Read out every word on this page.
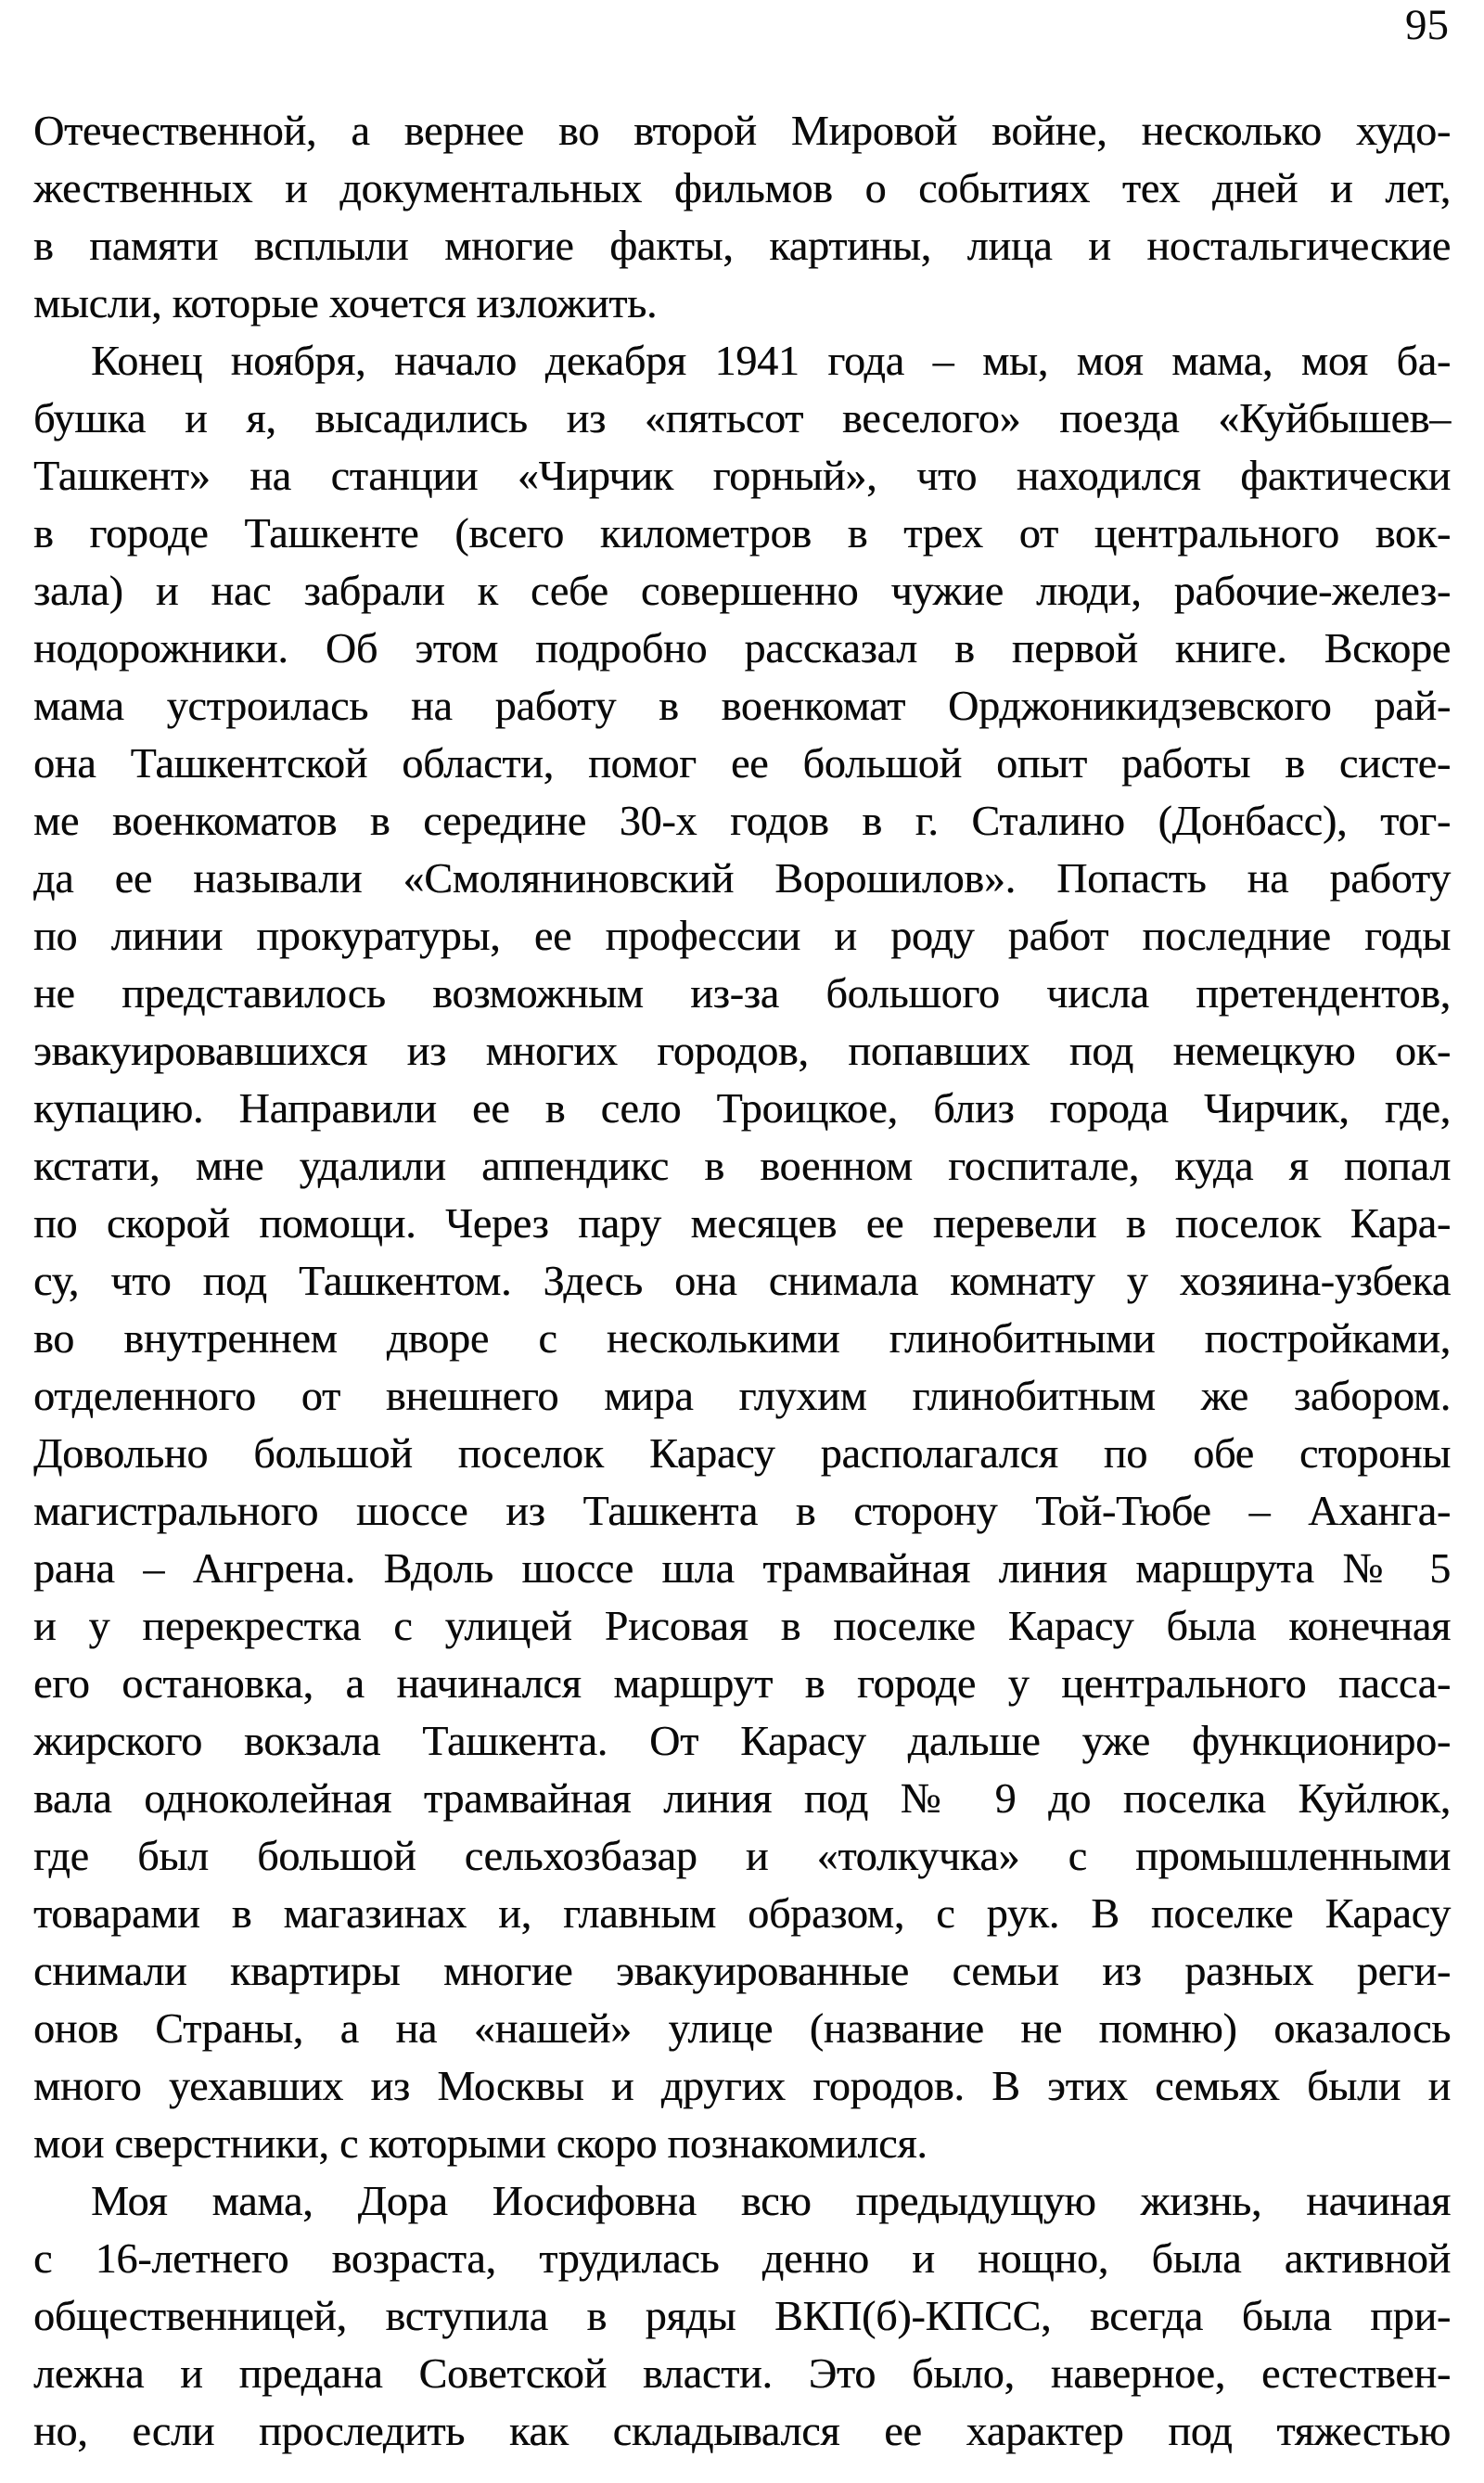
95
Отечественной, а вернее во второй Мировой войне, несколько худо-
жественных и документальных фильмов о событиях тех дней и лет,
в памяти всплыли многие факты, картины, лица и ностальгические
мысли, которые хочется изложить.
Конец ноября, начало декабря 1941 года – мы, моя мама, моя ба-
бушка и я, высадились из «пятьсот веселого» поезда «Куйбышев–
Ташкент» на станции «Чирчик горный», что находился фактически
в городе Ташкенте (всего километров в трех от центрального вок-
зала) и нас забрали к себе совершенно чужие люди, рабочие-желез-
нодорожники. Об этом подробно рассказал в первой книге. Вскоре
мама устроилась на работу в военкомат Орджоникидзевского рай-
она Ташкентской области, помог ее большой опыт работы в систе-
ме военкоматов в середине 30-х годов в г. Сталино (Донбасс), тог-
да ее называли «Смоляниновский Ворошилов». Попасть на работу
по линии прокуратуры, ее профессии и роду работ последние годы
не представилось возможным из-за большого числа претендентов,
эвакуировавшихся из многих городов, попавших под немецкую ок-
купацию. Направили ее в село Троицкое, близ города Чирчик, где,
кстати, мне удалили аппендикс в военном госпитале, куда я попал
по скорой помощи. Через пару месяцев ее перевели в поселок Кара-
су, что под Ташкентом. Здесь она снимала комнату у хозяина-узбека
во внутреннем дворе с несколькими глинобитными постройками,
отделенного от внешнего мира глухим глинобитным же забором.
Довольно большой поселок Карасу располагался по обе стороны
магистрального шоссе из Ташкента в сторону Той-Тюбе – Аханга-
рана – Ангрена. Вдоль шоссе шла трамвайная линия маршрута № 5
и у перекрестка с улицей Рисовая в поселке Карасу была конечная
его остановка, а начинался маршрут в городе у центрального пасса-
жирского вокзала Ташкента. От Карасу дальше уже функциониро-
вала одноколейная трамвайная линия под № 9 до поселка Куйлюк,
где был большой сельхозбазар и «толкучка» с промышленными
товарами в магазинах и, главным образом, с рук. В поселке Карасу
снимали квартиры многие эвакуированные семьи из разных реги-
онов Страны, а на «нашей» улице (название не помню) оказалось
много уехавших из Москвы и других городов. В этих семьях были и
мои сверстники, с которыми скоро познакомился.
Моя мама, Дора Иосифовна всю предыдущую жизнь, начиная
с 16-летнего возраста, трудилась денно и нощно, была активной
общественницей, вступила в ряды ВКП(б)-КПСС, всегда была при-
лежна и предана Советской власти. Это было, наверное, естествен-
но, если проследить как складывался ее характер под тяжестью
